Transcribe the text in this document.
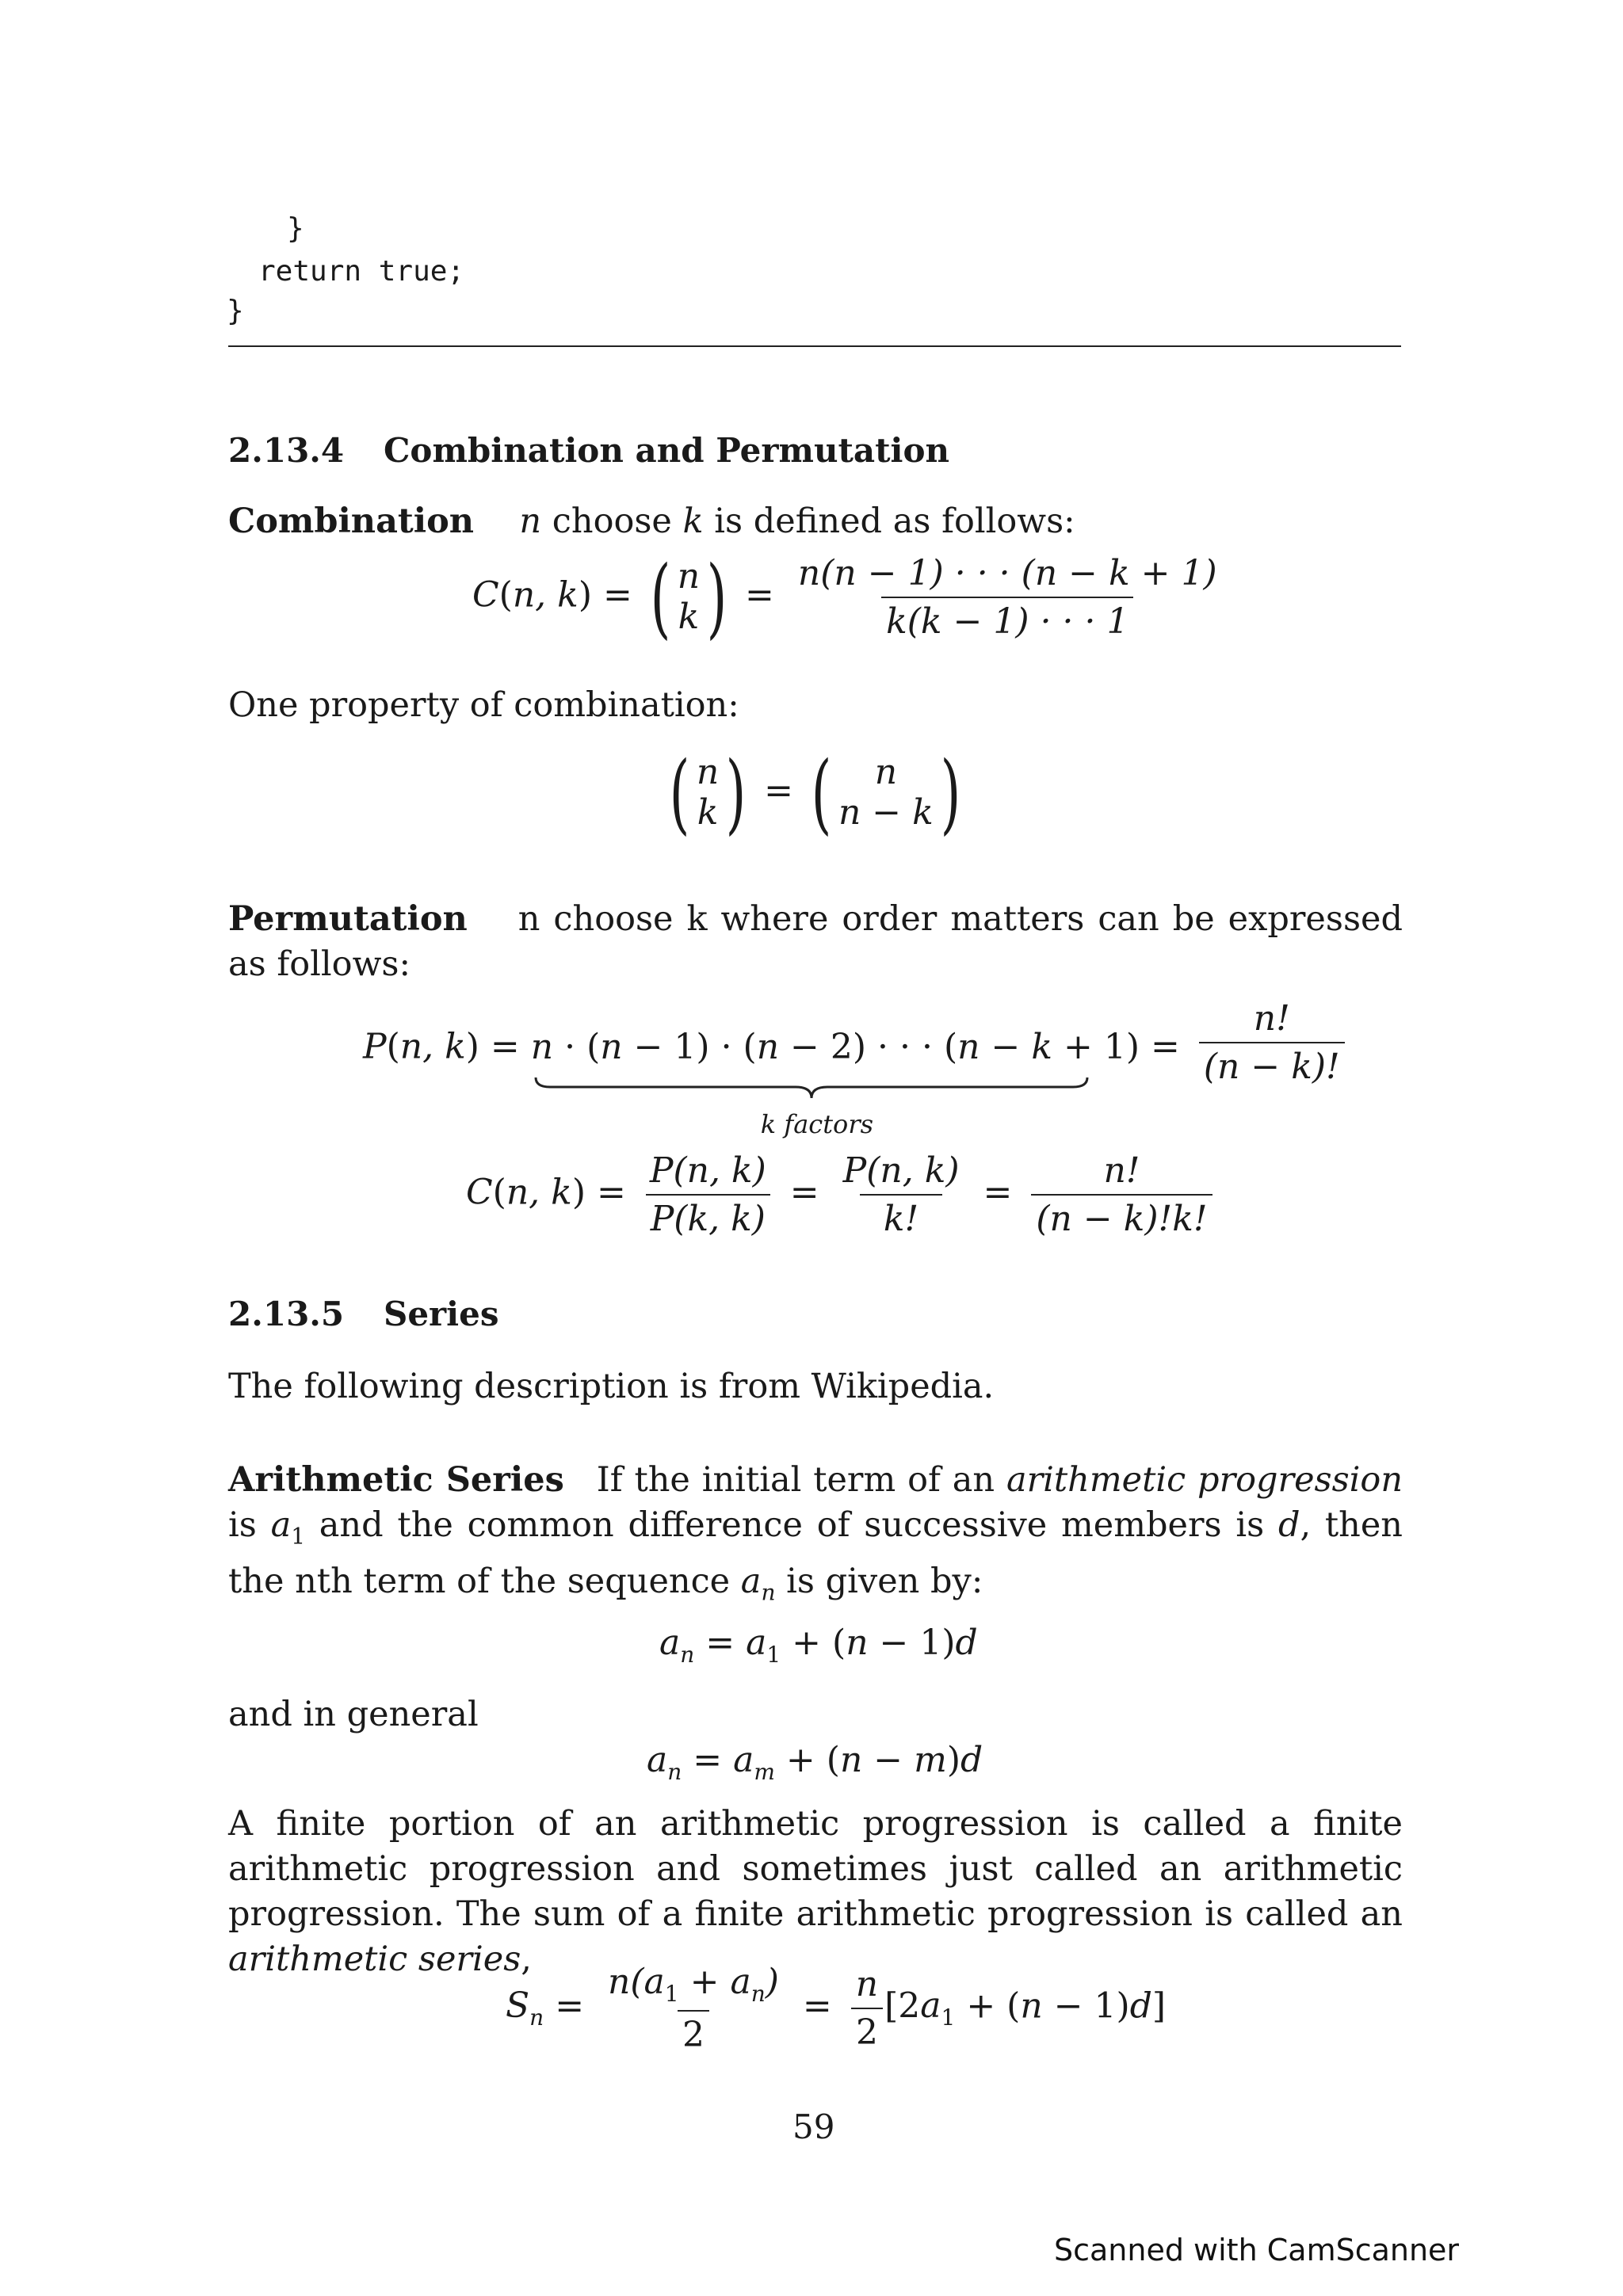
}
return true;
}
2.13.4 Combination and Permutation
Combination n choose k is defined as follows:
C(n, k) = ( n
k ) = $\frac{n(n - 1) \cdot \cdot \cdot (n - k + 1)}{k(k - 1) \cdot \cdot \cdot 1}$
One property of combination:
( n
k ) = ( n
n − k )
Permutation n choose k where order matters can be expressed as follows:
P(n, k) = n · (n − 1) · (n − 2) · · · (n − k + 1)
k factors
= $\frac{n!}{(n - k)!}$
C(n, $k) = \frac{P(n, k)}{P(k, k)} = \frac{P(n, k)}{k!} = \frac{n!}{(n - k)!k!}$
2.13.5 Series
The following description is from Wikipedia.
Arithmetic Series If the initial term of an arithmetic progression is $a_1$ and the common difference of successive members is d, then the nth term of the sequence $a_n$ is given by:
$a_n = a_1 + (n - 1)d$
and in general
$a_n = a_m + (n - m)d$
A finite portion of an arithmetic progression is called a finite arithmetic progression and sometimes just called an arithmetic progression. The sum of a finite arithmetic progression is called an arithmetic series,
$S_n = \frac{n(a_1 + a_n)}{2} = \frac{n}{2} [2a_1 + (n - 1)d]$
59
Scanned with CamScanner
